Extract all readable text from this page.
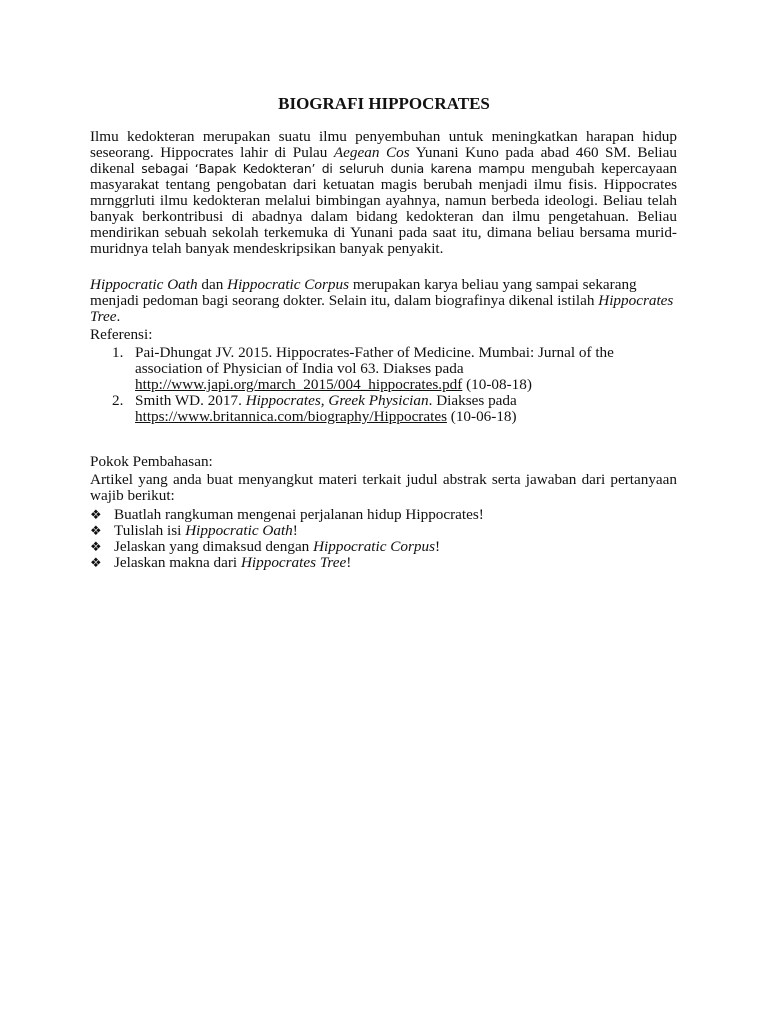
BIOGRAFI HIPPOCRATES

Ilmu kedokteran merupakan suatu ilmu penyembuhan untuk meningkatkan harapan hidup seseorang. Hippocrates lahir di Pulau Aegean Cos Yunani Kuno pada abad 460 SM. Beliau dikenal sebagai ‘Bapak Kedokteran’ di seluruh dunia karena mampu mengubah kepercayaan masyarakat tentang pengobatan dari ketuatan magis berubah menjadi ilmu fisis. Hippocrates mrnggrluti ilmu kedokteran melalui bimbingan ayahnya, namun berbeda ideologi. Beliau telah banyak berkontribusi di abadnya dalam bidang kedokteran dan ilmu pengetahuan. Beliau mendirikan sebuah sekolah terkemuka di Yunani pada saat itu, dimana beliau bersama murid-muridnya telah banyak mendeskripsikan banyak penyakit.

Hippocratic Oath dan Hippocratic Corpus merupakan karya beliau yang sampai sekarang menjadi pedoman bagi seorang dokter. Selain itu, dalam biografinya dikenal istilah Hippocrates Tree.

Referensi:
1. Pai-Dhungat JV. 2015. Hippocrates-Father of Medicine. Mumbai: Jurnal of the association of Physician of India vol 63. Diakses pada http://www.japi.org/march_2015/004_hippocrates.pdf (10-08-18)
2. Smith WD. 2017. Hippocrates, Greek Physician. Diakses pada https://www.britannica.com/biography/Hippocrates (10-06-18)
Pokok Pembahasan:
Artikel yang anda buat menyangkut materi terkait judul abstrak serta jawaban dari pertanyaan wajib berikut:
❖ Buatlah rangkuman mengenai perjalanan hidup Hippocrates!
❖ Tulislah isi Hippocratic Oath!
❖ Jelaskan yang dimaksud dengan Hippocratic Corpus!
❖ Jelaskan makna dari Hippocrates Tree!
